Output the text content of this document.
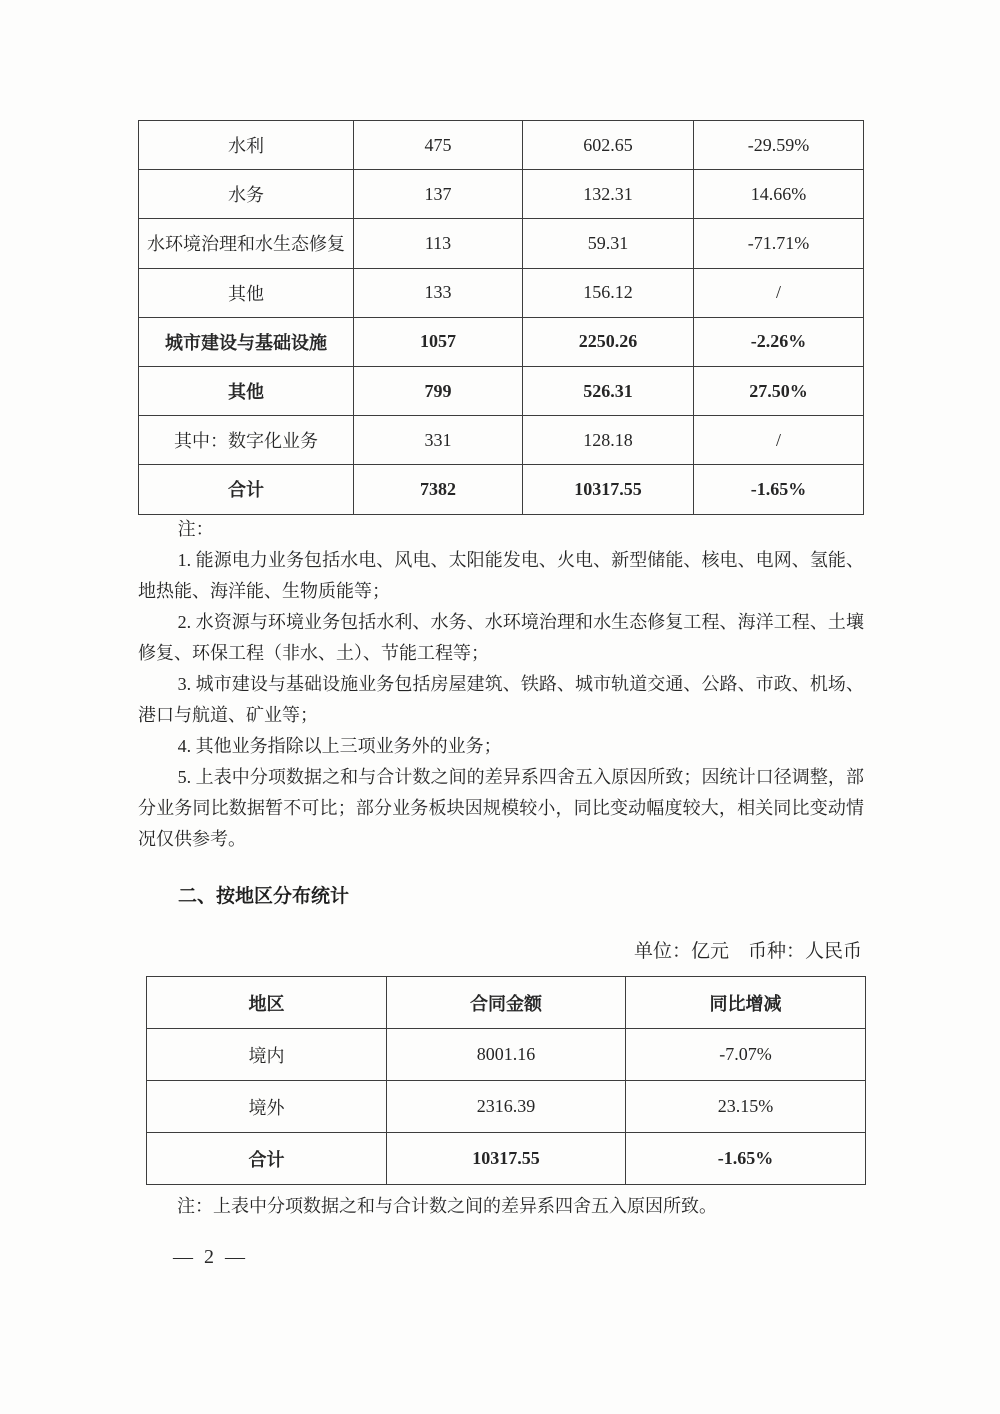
水利	475	602.65	-29.59%
水务	137	132.31	14.66%
水环境治理和水生态修复	113	59.31	-71.71%
其他	133	156.12	/
城市建设与基础设施	1057	2250.26	-2.26%
其他	799	526.31	27.50%
其中：数字化业务	331	128.18	/
合计	7382	10317.55	-1.65%

注：

1. 能源电力业务包括水电、风电、太阳能发电、火电、新型储能、核电、电网、氢能、地热能、海洋能、生物质能等；

2. 水资源与环境业务包括水利、水务、水环境治理和水生态修复工程、海洋工程、土壤修复、环保工程（非水、土）、节能工程等；

3. 城市建设与基础设施业务包括房屋建筑、铁路、城市轨道交通、公路、市政、机场、港口与航道、矿业等；

4. 其他业务指除以上三项业务外的业务；

5. 上表中分项数据之和与合计数之间的差异系四舍五入原因所致；因统计口径调整，部分业务同比数据暂不可比；部分业务板块因规模较小，同比变动幅度较大，相关同比变动情况仅供参考。

二、按地区分布统计
单位：亿元　币种：人民币
地区	合同金额	同比增减
境内	8001.16	-7.07%
境外	2316.39	23.15%
合计	10317.55	-1.65%
注：上表中分项数据之和与合计数之间的差异系四舍五入原因所致。
— 2 —
